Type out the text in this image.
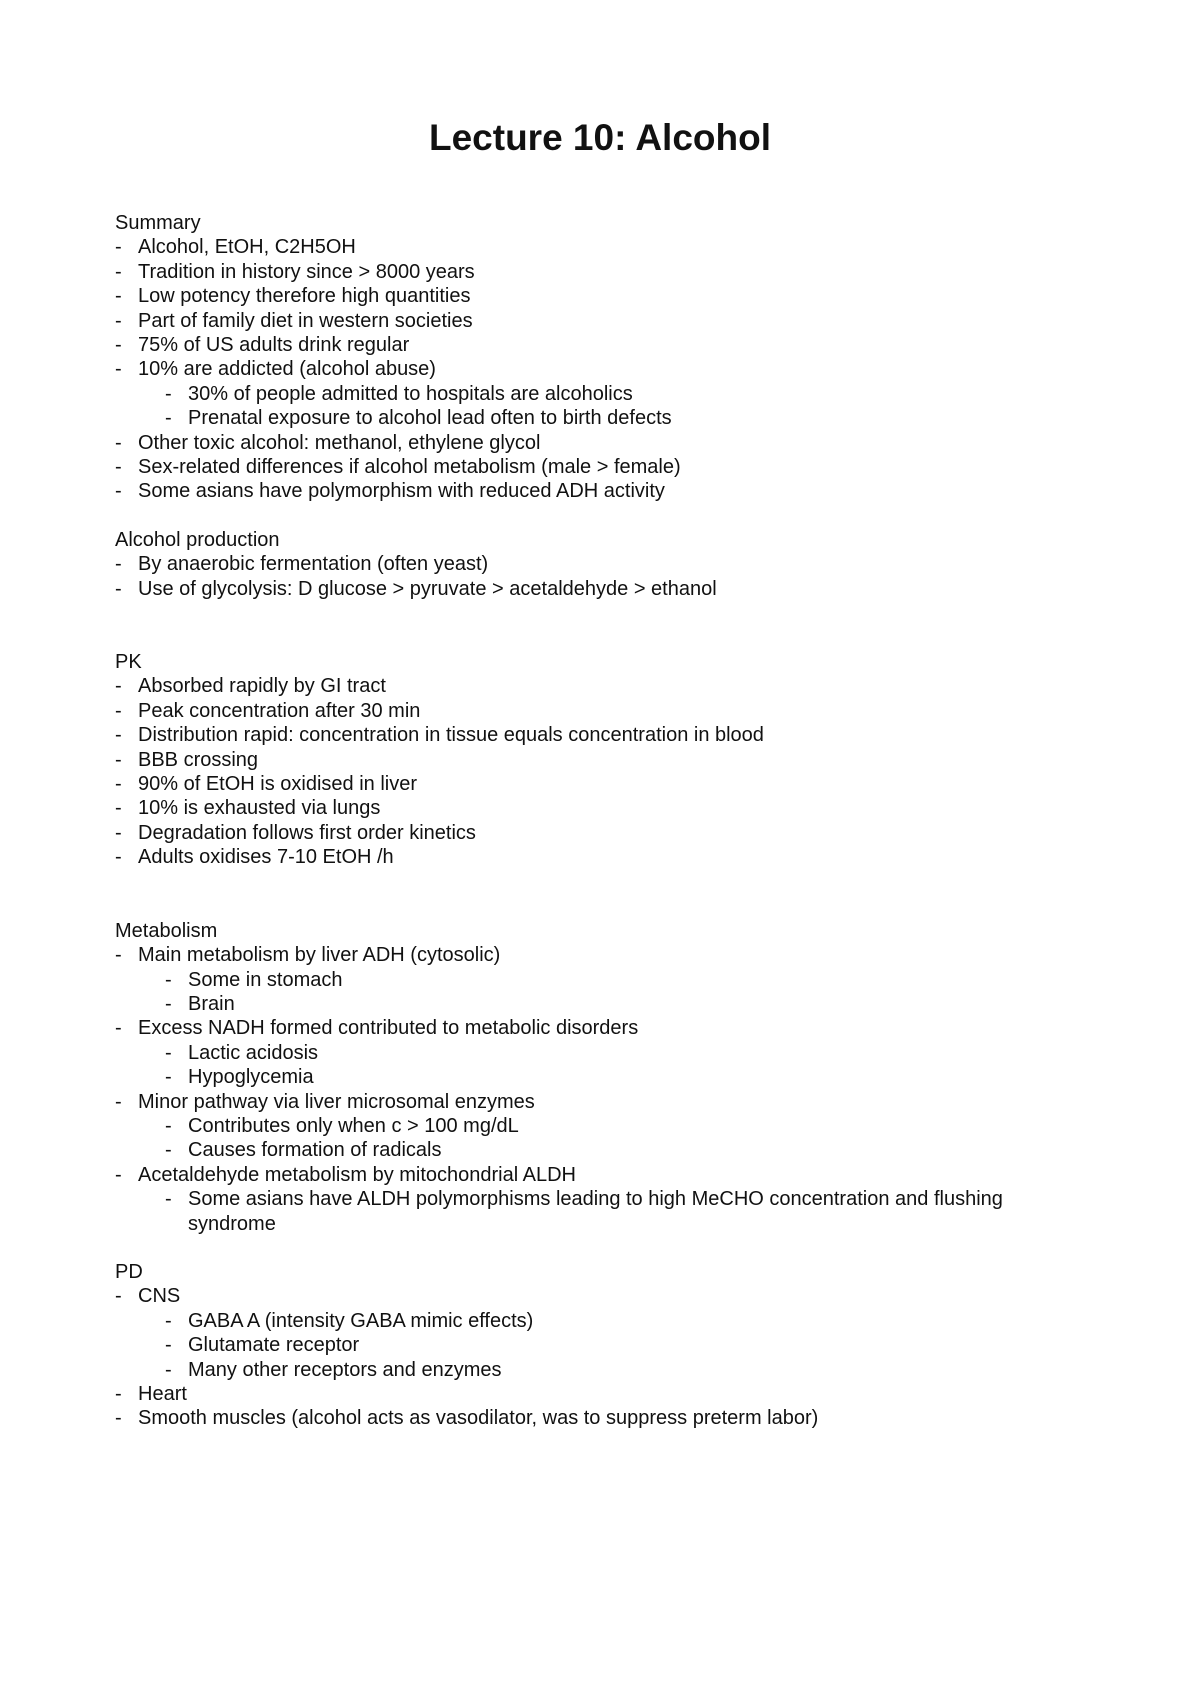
Lecture 10: Alcohol
Summary
- Alcohol, EtOH, C2H5OH
- Tradition in history since > 8000 years
- Low potency therefore high quantities
- Part of family diet in western societies
- 75% of US adults drink regular
- 10% are addicted (alcohol abuse)
- 30% of people admitted to hospitals are alcoholics
- Prenatal exposure to alcohol lead often to birth defects
- Other toxic alcohol: methanol, ethylene glycol
- Sex-related differences if alcohol metabolism (male > female)
- Some asians have polymorphism with reduced ADH activity
Alcohol production
- By anaerobic fermentation (often yeast)
- Use of glycolysis: D glucose > pyruvate > acetaldehyde > ethanol
PK
- Absorbed rapidly by GI tract
- Peak concentration after 30 min
- Distribution rapid: concentration in tissue equals concentration in blood
- BBB crossing
- 90% of EtOH is oxidised in liver
- 10% is exhausted via lungs
- Degradation follows first order kinetics
- Adults oxidises 7-10 EtOH /h
Metabolism
- Main metabolism by liver ADH (cytosolic)
- Some in stomach
- Brain
- Excess NADH formed contributed to metabolic disorders
- Lactic acidosis
- Hypoglycemia
- Minor pathway via liver microsomal enzymes
- Contributes only when c > 100 mg/dL
- Causes formation of radicals
- Acetaldehyde metabolism by mitochondrial ALDH
- Some asians have ALDH polymorphisms leading to high MeCHO concentration and flushing syndrome
PD
- CNS
- GABA A (intensity GABA mimic effects)
- Glutamate receptor
- Many other receptors and enzymes
- Heart
- Smooth muscles (alcohol acts as vasodilator, was to suppress preterm labor)
